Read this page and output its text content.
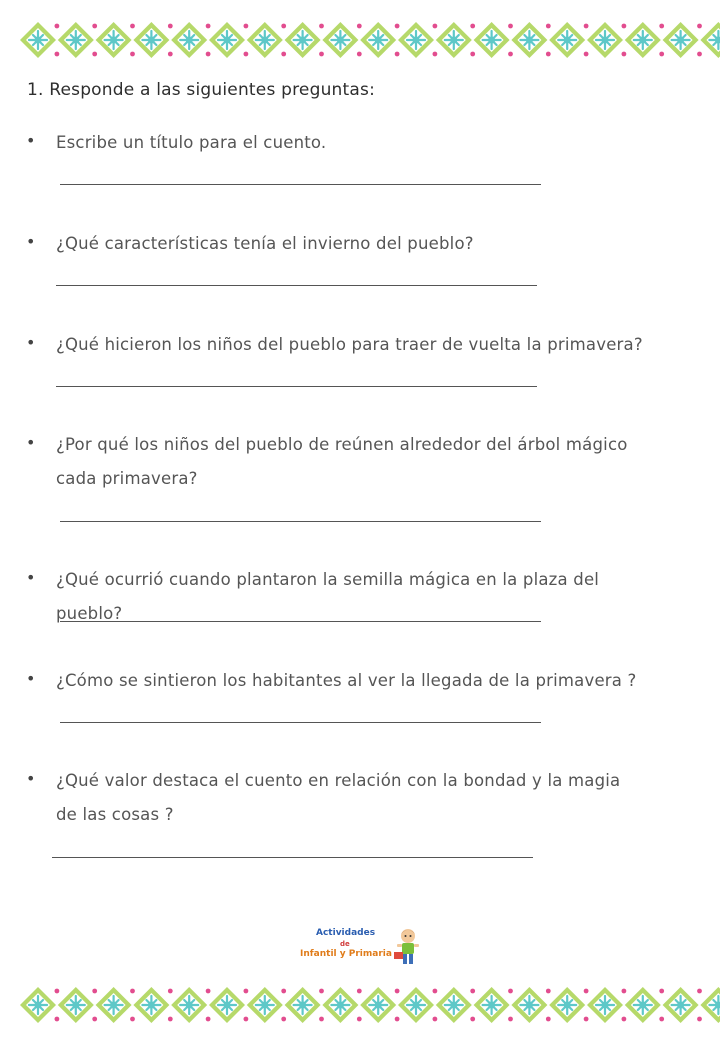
1. Responde a las siguientes preguntas:
• Escribe un título para el cuento.
• ¿Qué características tenía el invierno del pueblo?
• ¿Qué hicieron los niños del pueblo para traer de vuelta la primavera?
• ¿Por qué los niños del pueblo de reúnen alrededor del árbol mágico cada primavera?
• ¿Qué ocurrió cuando plantaron la semilla mágica en la plaza del pueblo?
• ¿Cómo se sintieron los habitantes al ver la llegada de la primavera ?
• ¿Qué valor destaca el cuento en relación con la bondad y la magia de las cosas ?
Actividades
de
Infantil y Primaria
